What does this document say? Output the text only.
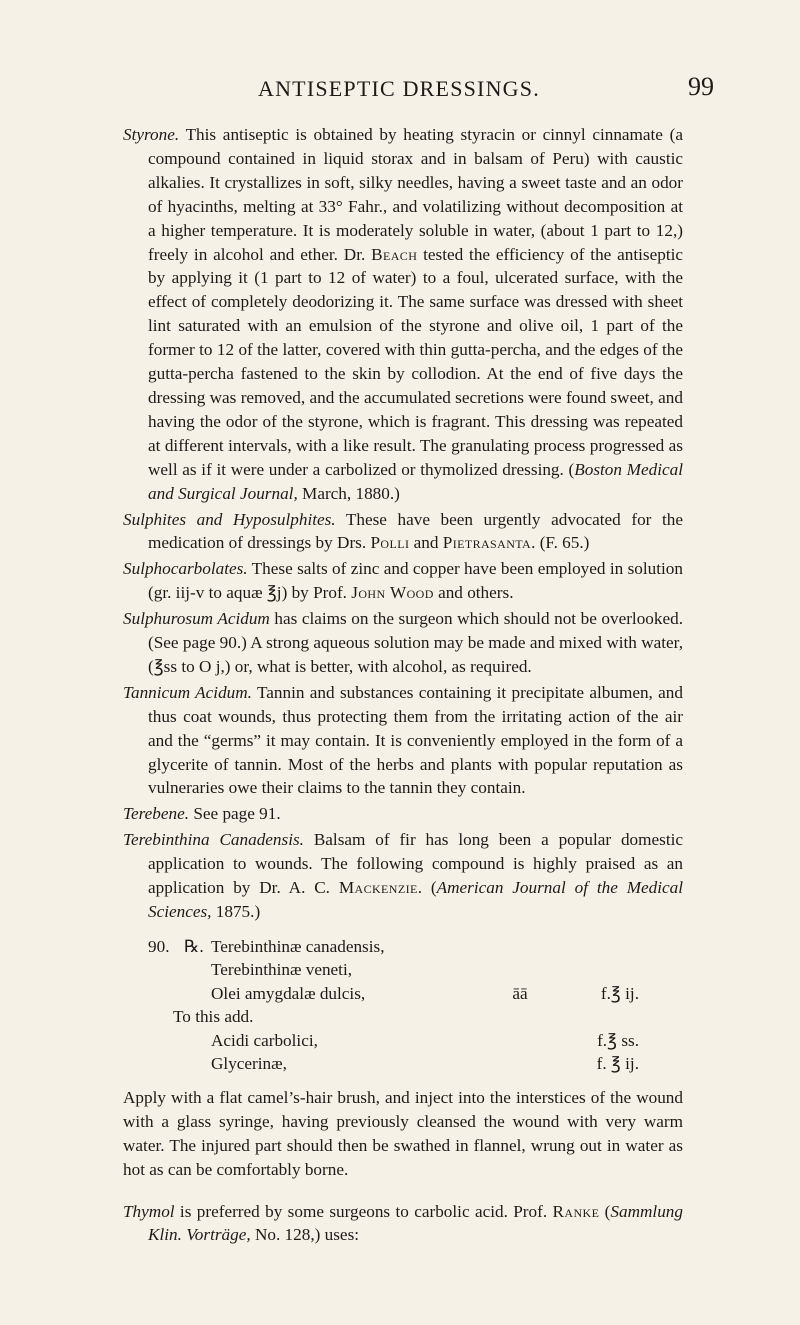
ANTISEPTIC DRESSINGS.	99

Styrone. This antiseptic is obtained by heating styracin or cinnyl cinnamate (a compound contained in liquid storax and in balsam of Peru) with caustic alkalies. It crystallizes in soft, silky needles, having a sweet taste and an odor of hyacinths, melting at 33° Fahr., and volatilizing without decomposition at a higher temperature. It is moderately soluble in water, (about 1 part to 12,) freely in alcohol and ether. Dr. Beach tested the efficiency of the antiseptic by applying it (1 part to 12 of water) to a foul, ulcerated surface, with the effect of completely deodorizing it. The same surface was dressed with sheet lint saturated with an emulsion of the styrone and olive oil, 1 part of the former to 12 of the latter, covered with thin gutta-percha, and the edges of the gutta-percha fastened to the skin by collodion. At the end of five days the dressing was removed, and the accumulated secretions were found sweet, and having the odor of the styrone, which is fragrant. This dressing was repeated at different intervals, with a like result. The granulating process progressed as well as if it were under a carbolized or thymolized dressing. (Boston Medical and Surgical Journal, March, 1880.)

Sulphites and Hyposulphites. These have been urgently advocated for the medication of dressings by Drs. Polli and Pietrasanta. (F. 65.)

Sulphocarbolates. These salts of zinc and copper have been employed in solution (gr. iij-v to aquæ ℥j) by Prof. John Wood and others.

Sulphurosum Acidum has claims on the surgeon which should not be overlooked. (See page 90.) A strong aqueous solution may be made and mixed with water, (℥ss to O j,) or, what is better, with alcohol, as required.

Tannicum Acidum. Tannin and substances containing it precipitate albumen, and thus coat wounds, thus protecting them from the irritating action of the air and the “germs” it may contain. It is conveniently employed in the form of a glycerite of tannin. Most of the herbs and plants with popular reputation as vulneraries owe their claims to the tannin they contain.

Terebene. See page 91.

Terebinthina Canadensis. Balsam of fir has long been a popular domestic application to wounds. The following compound is highly praised as an application by Dr. A. C. Mackenzie. (American Journal of the Medical Sciences, 1875.)

90. ℞. Terebinthinæ canadensis,
Terebinthinæ veneti,
Olei amygdalæ dulcis,	āā	f.℥ ij.
To this add.
Acidi carbolici,	f.℥ ss.
Glycerinæ,	f. ℥ ij.

Apply with a flat camel’s-hair brush, and inject into the interstices of the wound with a glass syringe, having previously cleansed the wound with very warm water. The injured part should then be swathed in flannel, wrung out in water as hot as can be comfortably borne.

Thymol is preferred by some surgeons to carbolic acid. Prof. Ranke (Sammlung Klin. Vorträge, No. 128,) uses:
